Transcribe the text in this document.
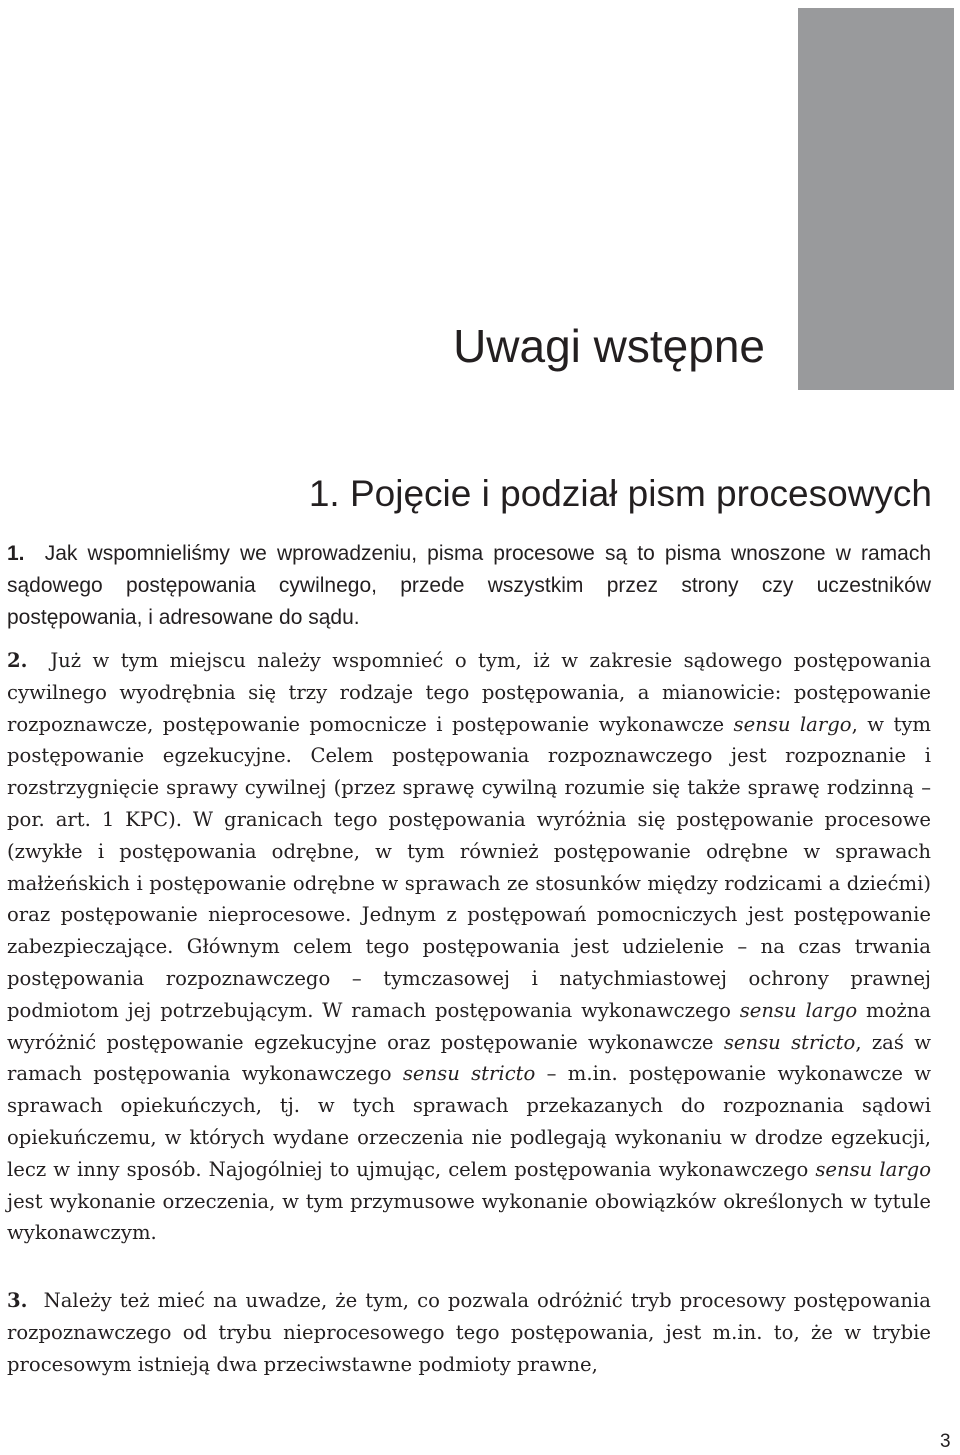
Uwagi wstępne
1. Pojęcie i podział pism procesowych
1. Jak wspomnieliśmy we wprowadzeniu, pisma procesowe są to pisma wnoszone w ramach sądowego postępowania cywilnego, przede wszystkim przez strony czy uczestników postępowania, i adresowane do sądu.
2. Już w tym miejscu należy wspomnieć o tym, iż w zakresie sądowego postępowania cywilnego wyodrębnia się trzy rodzaje tego postępowania, a mianowicie: postępowanie rozpoznawcze, postępowanie pomocnicze i postępowanie wykonawcze sensu largo, w tym postępowanie egzekucyjne. Celem postępowania rozpoznawczego jest rozpoznanie i rozstrzygnięcie sprawy cywilnej (przez sprawę cywilną rozumie się także sprawę rodzinną – por. art. 1 KPC). W granicach tego postępowania wyróżnia się postępowanie procesowe (zwykłe i postępowania odrębne, w tym również postępowanie odrębne w sprawach małżeńskich i postępowanie odrębne w sprawach ze stosunków między rodzicami a dziećmi) oraz postępowanie nieprocesowe. Jednym z postępowań pomocniczych jest postępowanie zabezpieczające. Głównym celem tego postępowania jest udzielenie – na czas trwania postępowania rozpoznawczego – tymczasowej i natychmiastowej ochrony prawnej podmiotom jej potrzebującym. W ramach postępowania wykonawczego sensu largo można wyróżnić postępowanie egzekucyjne oraz postępowanie wykonawcze sensu stricto, zaś w ramach postępowania wykonawczego sensu stricto – m.in. postępowanie wykonawcze w sprawach opiekuńczych, tj. w tych sprawach przekazanych do rozpoznania sądowi opiekuńczemu, w których wydane orzeczenia nie podlegają wykonaniu w drodze egzekucji, lecz w inny sposób. Najogólniej to ujmując, celem postępowania wykonawczego sensu largo jest wykonanie orzeczenia, w tym przymusowe wykonanie obowiązków określonych w tytule wykonawczym.
3. Należy też mieć na uwadze, że tym, co pozwala odróżnić tryb procesowy postępowania rozpoznawczego od trybu nieprocesowego tego postępowania, jest m.in. to, że w trybie procesowym istnieją dwa przeciwstawne podmioty prawne,
3
